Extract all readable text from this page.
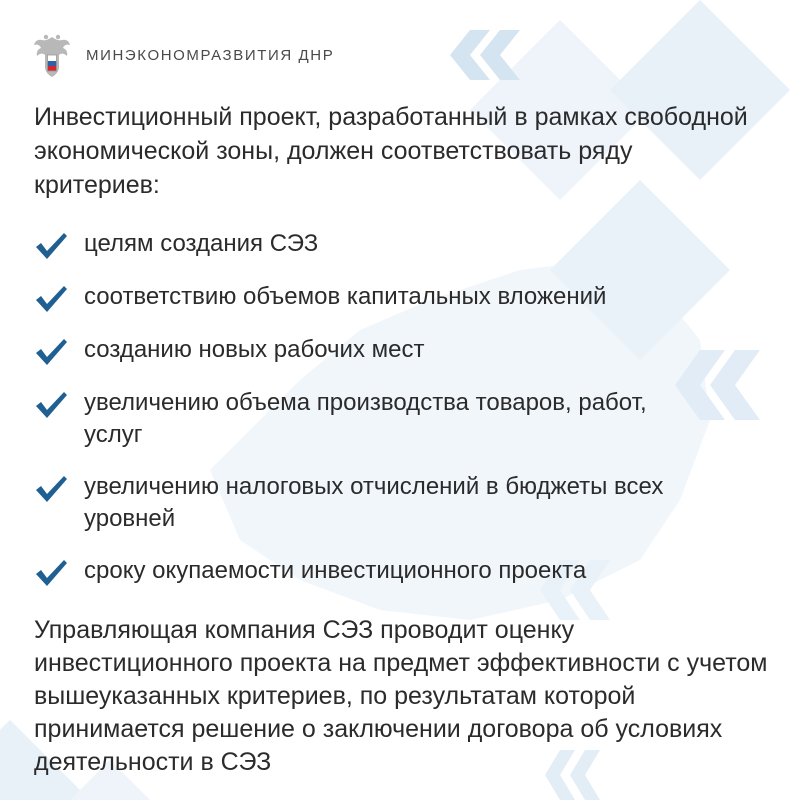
МИНЭКОНОМРАЗВИТИЯ ДНР
Инвестиционный проект, разработанный в рамках свободной экономической зоны, должен соответствовать ряду критериев:
целям создания СЭЗ
соответствию объемов капитальных вложений
созданию новых рабочих мест
увеличению объема производства товаров, работ, услуг
увеличению налоговых отчислений в бюджеты всех уровней
сроку окупаемости инвестиционного проекта
Управляющая компания СЭЗ проводит оценку инвестиционного проекта на предмет эффективности с учетом вышеуказанных критериев, по результатам которой принимается решение о заключении договора об условиях деятельности в СЭЗ
